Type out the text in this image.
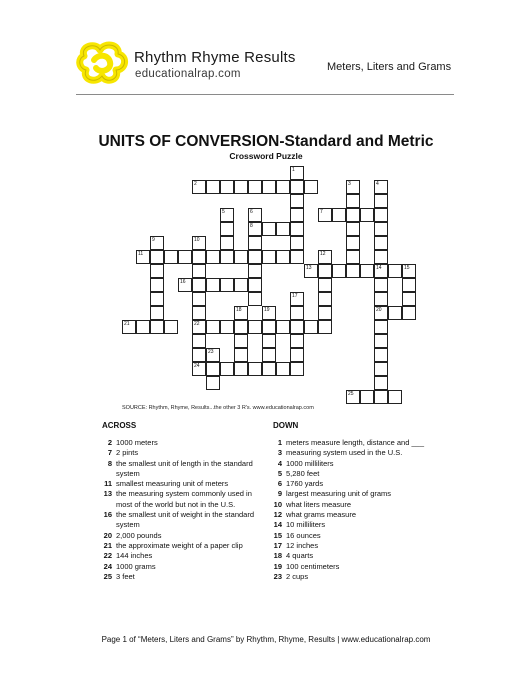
Rhythm Rhyme Results
educationalrap.com
Meters, Liters and Grams
UNITS OF CONVERSION-Standard and Metric
Crossword Puzzle
1
2	3	4
5	6	7
8
9	10
11	12
13	14	15
16
17
18	19	20
21	22
23
24
25
SOURCE: Rhythm, Rhyme, Results...the other 3 R's. www.educationalrap.com
ACROSS	DOWN
2 1000 meters
7 2 pints
8 the smallest unit of length in the standard system
11 smallest measuring unit of meters
13 the measuring system commonly used in most of the world but not in the U.S.
16 the smallest unit of weight in the standard system
20 2,000 pounds
21 the approximate weight of a paper clip
22 144 inches
24 1000 grams
25 3 feet
1 meters measure length, distance and ___
3 measuring system used in the U.S.
4 1000 milliliters
5 5,280 feet
6 1760 yards
9 largest measuring unit of grams
10 what liters measure
12 what grams measure
14 10 milliliters
15 16 ounces
17 12 inches
18 4 quarts
19 100 centimeters
23 2 cups
Page 1 of “Meters, Liters and Grams” by Rhythm, Rhyme, Results | www.educationalrap.com
